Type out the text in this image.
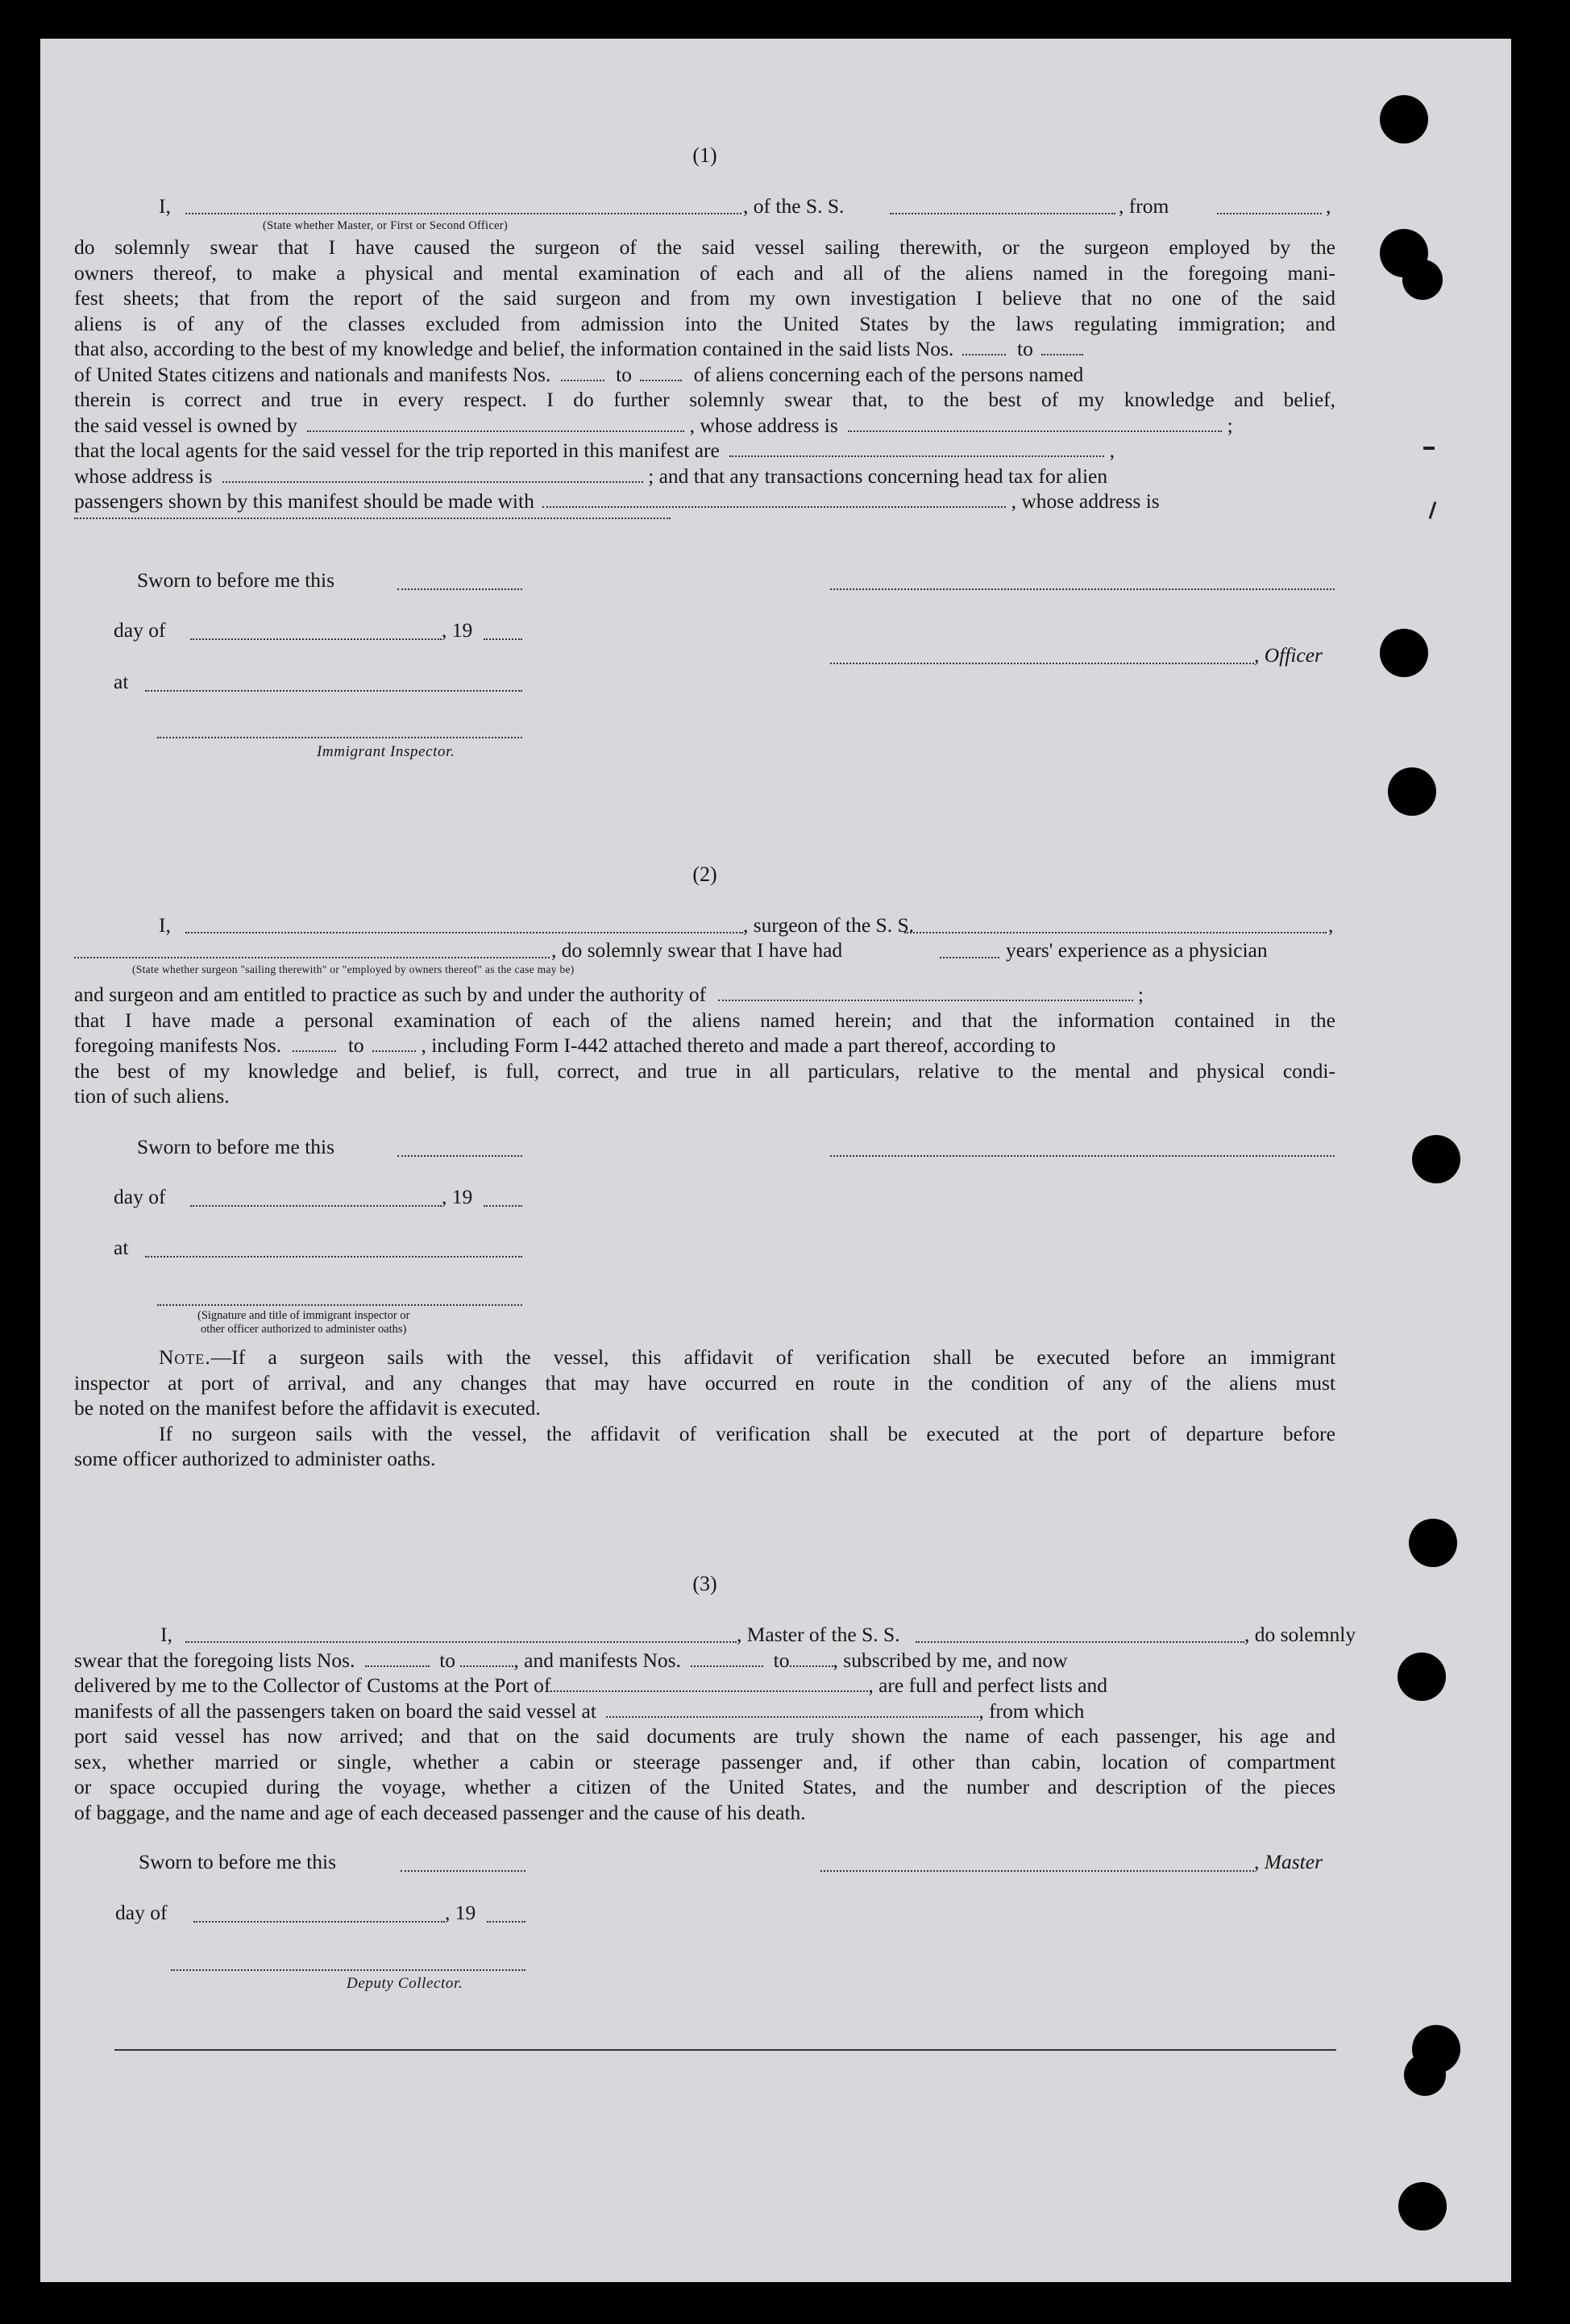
(1)
I,	, of the S. S.	, from	,
(State whether Master, or First or Second Officer)
do solemnly swear that I have caused the surgeon of the said vessel sailing therewith, or the surgeon employed by the
owners thereof, to make a physical and mental examination of each and all of the aliens named in the foregoing mani-
fest sheets; that from the report of the said surgeon and from my own investigation I believe that no one of the said
aliens is of any of the classes excluded from admission into the United States by the laws regulating immigration; and
that also, according to the best of my knowledge and belief, the information contained in the said lists Nos.	to
of United States citizens and nationals and manifests Nos.	to	of aliens concerning each of the persons named
therein is correct and true in every respect. I do further solemnly swear that, to the best of my knowledge and belief,
the said vessel is owned by	, whose address is	;
that the local agents for the said vessel for the trip reported in this manifest are	,
whose address is	; and that any transactions concerning head tax for alien
passengers shown by this manifest should be made with	, whose address is
Sworn to before me this
day of	, 19
, Officer
at
Immigrant Inspector.
(2)
I,	, surgeon of the S. S.	,
, do solemnly swear that I have had	years' experience as a physician
(State whether surgeon "sailing therewith" or "employed by owners thereof" as the case may be)
and surgeon and am entitled to practice as such by and under the authority of	;
that I have made a personal examination of each of the aliens named herein; and that the information contained in the
foregoing manifests Nos.	to	, including Form I-442 attached thereto and made a part thereof, according to
the best of my knowledge and belief, is full, correct, and true in all particulars, relative to the mental and physical condi-
tion of such aliens.
Sworn to before me this
day of	, 19
at
(Signature and title of immigrant inspector or
other officer authorized to administer oaths)
Note.—If a surgeon sails with the vessel, this affidavit of verification shall be executed before an immigrant
inspector at port of arrival, and any changes that may have occurred en route in the condition of any of the aliens must
be noted on the manifest before the affidavit is executed.
If no surgeon sails with the vessel, the affidavit of verification shall be executed at the port of departure before
some officer authorized to administer oaths.
(3)
I,	, Master of the S. S.	, do solemnly
swear that the foregoing lists Nos.	to	, and manifests Nos.	to , subscribed by me, and now
delivered by me to the Collector of Customs at the Port of	, are full and perfect lists and
manifests of all the passengers taken on board the said vessel at	, from which
port said vessel has now arrived; and that on the said documents are truly shown the name of each passenger, his age and
sex, whether married or single, whether a cabin or steerage passenger and, if other than cabin, location of compartment
or space occupied during the voyage, whether a citizen of the United States, and the number and description of the pieces
of baggage, and the name and age of each deceased passenger and the cause of his death.
Sworn to before me this	, Master
day of	, 19
Deputy Collector.
